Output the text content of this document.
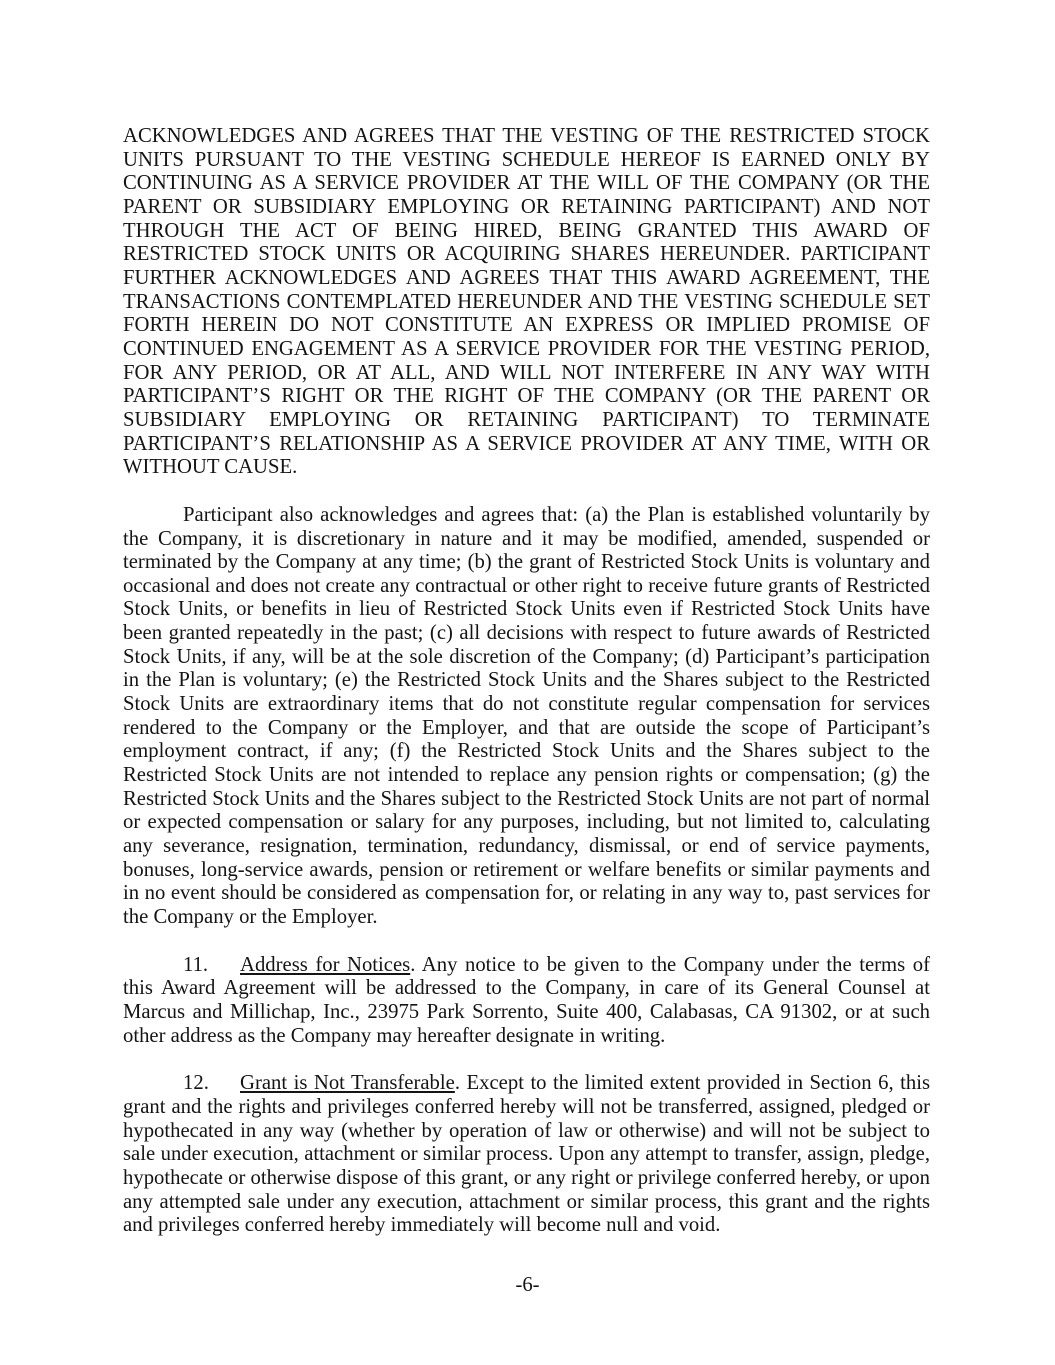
ACKNOWLEDGES AND AGREES THAT THE VESTING OF THE RESTRICTED STOCK UNITS PURSUANT TO THE VESTING SCHEDULE HEREOF IS EARNED ONLY BY CONTINUING AS A SERVICE PROVIDER AT THE WILL OF THE COMPANY (OR THE PARENT OR SUBSIDIARY EMPLOYING OR RETAINING PARTICIPANT) AND NOT THROUGH THE ACT OF BEING HIRED, BEING GRANTED THIS AWARD OF RESTRICTED STOCK UNITS OR ACQUIRING SHARES HEREUNDER. PARTICIPANT FURTHER ACKNOWLEDGES AND AGREES THAT THIS AWARD AGREEMENT, THE TRANSACTIONS CONTEMPLATED HEREUNDER AND THE VESTING SCHEDULE SET FORTH HEREIN DO NOT CONSTITUTE AN EXPRESS OR IMPLIED PROMISE OF CONTINUED ENGAGEMENT AS A SERVICE PROVIDER FOR THE VESTING PERIOD, FOR ANY PERIOD, OR AT ALL, AND WILL NOT INTERFERE IN ANY WAY WITH PARTICIPANT’S RIGHT OR THE RIGHT OF THE COMPANY (OR THE PARENT OR SUBSIDIARY EMPLOYING OR RETAINING PARTICIPANT) TO TERMINATE PARTICIPANT’S RELATIONSHIP AS A SERVICE PROVIDER AT ANY TIME, WITH OR WITHOUT CAUSE.

Participant also acknowledges and agrees that: (a) the Plan is established voluntarily by the Company, it is discretionary in nature and it may be modified, amended, suspended or terminated by the Company at any time; (b) the grant of Restricted Stock Units is voluntary and occasional and does not create any contractual or other right to receive future grants of Restricted Stock Units, or benefits in lieu of Restricted Stock Units even if Restricted Stock Units have been granted repeatedly in the past; (c) all decisions with respect to future awards of Restricted Stock Units, if any, will be at the sole discretion of the Company; (d) Participant’s participation in the Plan is voluntary; (e) the Restricted Stock Units and the Shares subject to the Restricted Stock Units are extraordinary items that do not constitute regular compensation for services rendered to the Company or the Employer, and that are outside the scope of Participant’s employment contract, if any; (f) the Restricted Stock Units and the Shares subject to the Restricted Stock Units are not intended to replace any pension rights or compensation; (g) the Restricted Stock Units and the Shares subject to the Restricted Stock Units are not part of normal or expected compensation or salary for any purposes, including, but not limited to, calculating any severance, resignation, termination, redundancy, dismissal, or end of service payments, bonuses, long-service awards, pension or retirement or welfare benefits or similar payments and in no event should be considered as compensation for, or relating in any way to, past services for the Company or the Employer.

11. Address for Notices. Any notice to be given to the Company under the terms of this Award Agreement will be addressed to the Company, in care of its General Counsel at Marcus and Millichap, Inc., 23975 Park Sorrento, Suite 400, Calabasas, CA 91302, or at such other address as the Company may hereafter designate in writing.

12. Grant is Not Transferable. Except to the limited extent provided in Section 6, this grant and the rights and privileges conferred hereby will not be transferred, assigned, pledged or hypothecated in any way (whether by operation of law or otherwise) and will not be subject to sale under execution, attachment or similar process. Upon any attempt to transfer, assign, pledge, hypothecate or otherwise dispose of this grant, or any right or privilege conferred hereby, or upon any attempted sale under any execution, attachment or similar process, this grant and the rights and privileges conferred hereby immediately will become null and void.

-6-
